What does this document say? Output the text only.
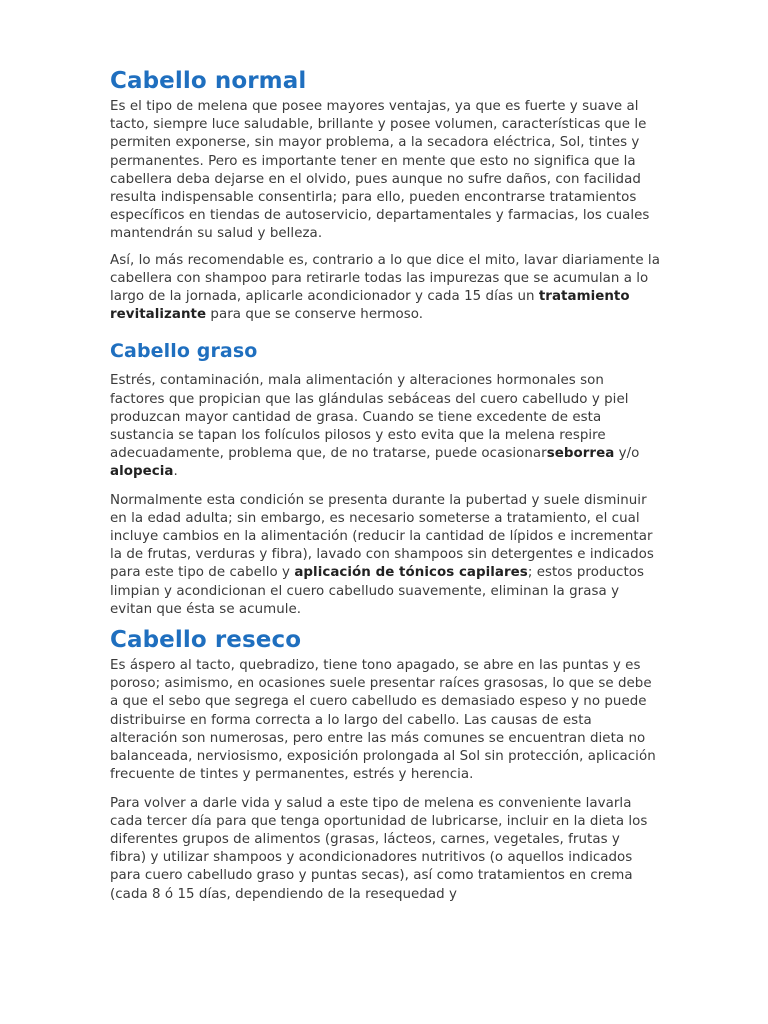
Cabello normal

Es el tipo de melena que posee mayores ventajas, ya que es fuerte y suave al tacto, siempre luce saludable, brillante y posee volumen, características que le permiten exponerse, sin mayor problema, a la secadora eléctrica, Sol, tintes y permanentes. Pero es importante tener en mente que esto no significa que la cabellera deba dejarse en el olvido, pues aunque no sufre daños, con facilidad resulta indispensable consentirla; para ello, pueden encontrarse tratamientos específicos en tiendas de autoservicio, departamentales y farmacias, los cuales mantendrán su salud y belleza.

Así, lo más recomendable es, contrario a lo que dice el mito, lavar diariamente la cabellera con shampoo para retirarle todas las impurezas que se acumulan a lo largo de la jornada, aplicarle acondicionador y cada 15 días un tratamiento revitalizante para que se conserve hermoso.

Cabello graso

Estrés, contaminación, mala alimentación y alteraciones hormonales son factores que propician que las glándulas sebáceas del cuero cabelludo y piel produzcan mayor cantidad de grasa. Cuando se tiene excedente de esta sustancia se tapan los folículos pilosos y esto evita que la melena respire adecuadamente, problema que, de no tratarse, puede ocasionarseborrea y/o alopecia.

Normalmente esta condición se presenta durante la pubertad y suele disminuir en la edad adulta; sin embargo, es necesario someterse a tratamiento, el cual incluye cambios en la alimentación (reducir la cantidad de lípidos e incrementar la de frutas, verduras y fibra), lavado con shampoos sin detergentes e indicados para este tipo de cabello y aplicación de tónicos capilares; estos productos limpian y acondicionan el cuero cabelludo suavemente, eliminan la grasa y evitan que ésta se acumule.

Cabello reseco

Es áspero al tacto, quebradizo, tiene tono apagado, se abre en las puntas y es poroso; asimismo, en ocasiones suele presentar raíces grasosas, lo que se debe a que el sebo que segrega el cuero cabelludo es demasiado espeso y no puede distribuirse en forma correcta a lo largo del cabello. Las causas de esta alteración son numerosas, pero entre las más comunes se encuentran dieta no balanceada, nerviosismo, exposición prolongada al Sol sin protección, aplicación frecuente de tintes y permanentes, estrés y herencia.

Para volver a darle vida y salud a este tipo de melena es conveniente lavarla cada tercer día para que tenga oportunidad de lubricarse, incluir en la dieta los diferentes grupos de alimentos (grasas, lácteos, carnes, vegetales, frutas y fibra) y utilizar shampoos y acondicionadores nutritivos (o aquellos indicados para cuero cabelludo graso y puntas secas), así como tratamientos en crema (cada 8 ó 15 días, dependiendo de la resequedad y
